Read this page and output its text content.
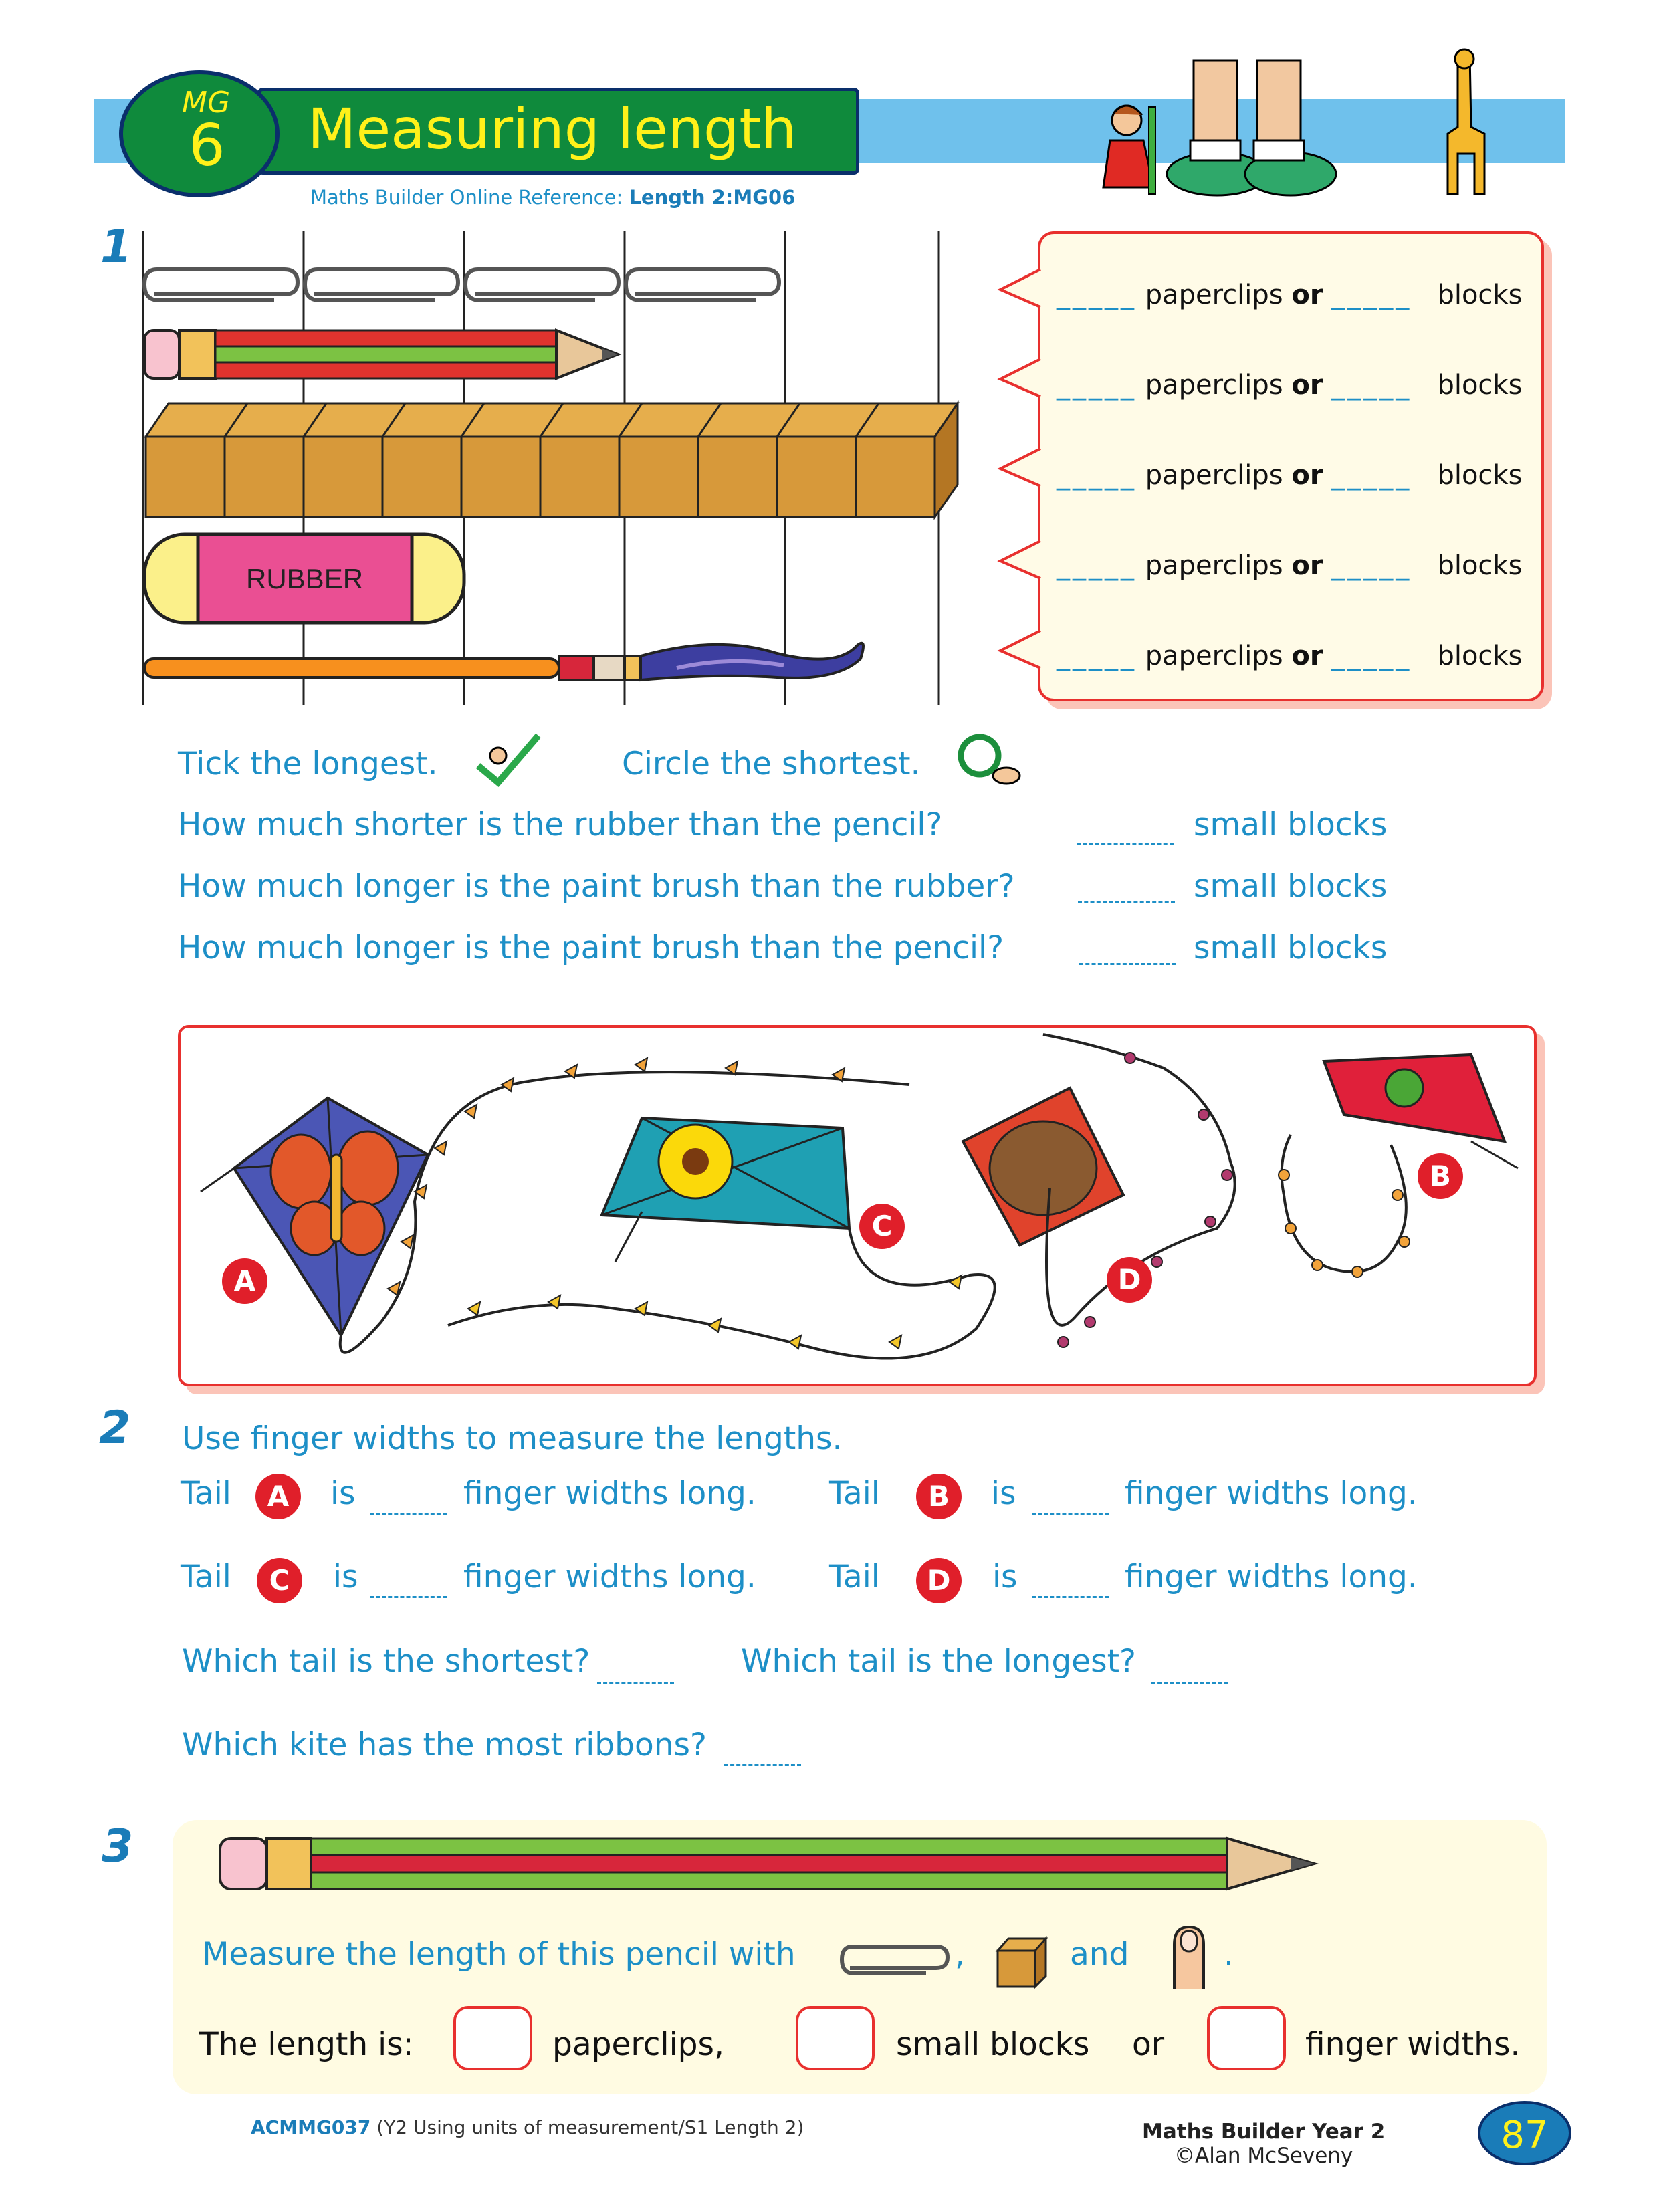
Measuring length
MG
6
Maths Builder Online Reference: Length 2:MG06
1
RUBBER
_____ paperclips or _____ blocks
_____ paperclips or _____ blocks
_____ paperclips or _____ blocks
_____ paperclips or _____ blocks
_____ paperclips or _____ blocks
Tick the longest.	Circle the shortest.
How much shorter is the rubber than the pencil?	small blocks
How much longer is the paint brush than the rubber?	small blocks
How much longer is the paint brush than the pencil?	small blocks
A
B
C
D
2 Use finger widths to measure the lengths.
Tail	A	is	finger widths long. Tail	B	is	finger widths long.
Tail	C	is	finger widths long. Tail	D	is	finger widths long.
Which tail is the shortest?	Which tail is the longest?
Which kite has the most ribbons?
3
Measure the length of this pencil with	,	and	.
The length is:	paperclips,	small blocks or	finger widths.
ACMMG037 (Y2 Using units of measurement/S1 Length 2)	Maths Builder Year 2
©Alan McSeveny	87
